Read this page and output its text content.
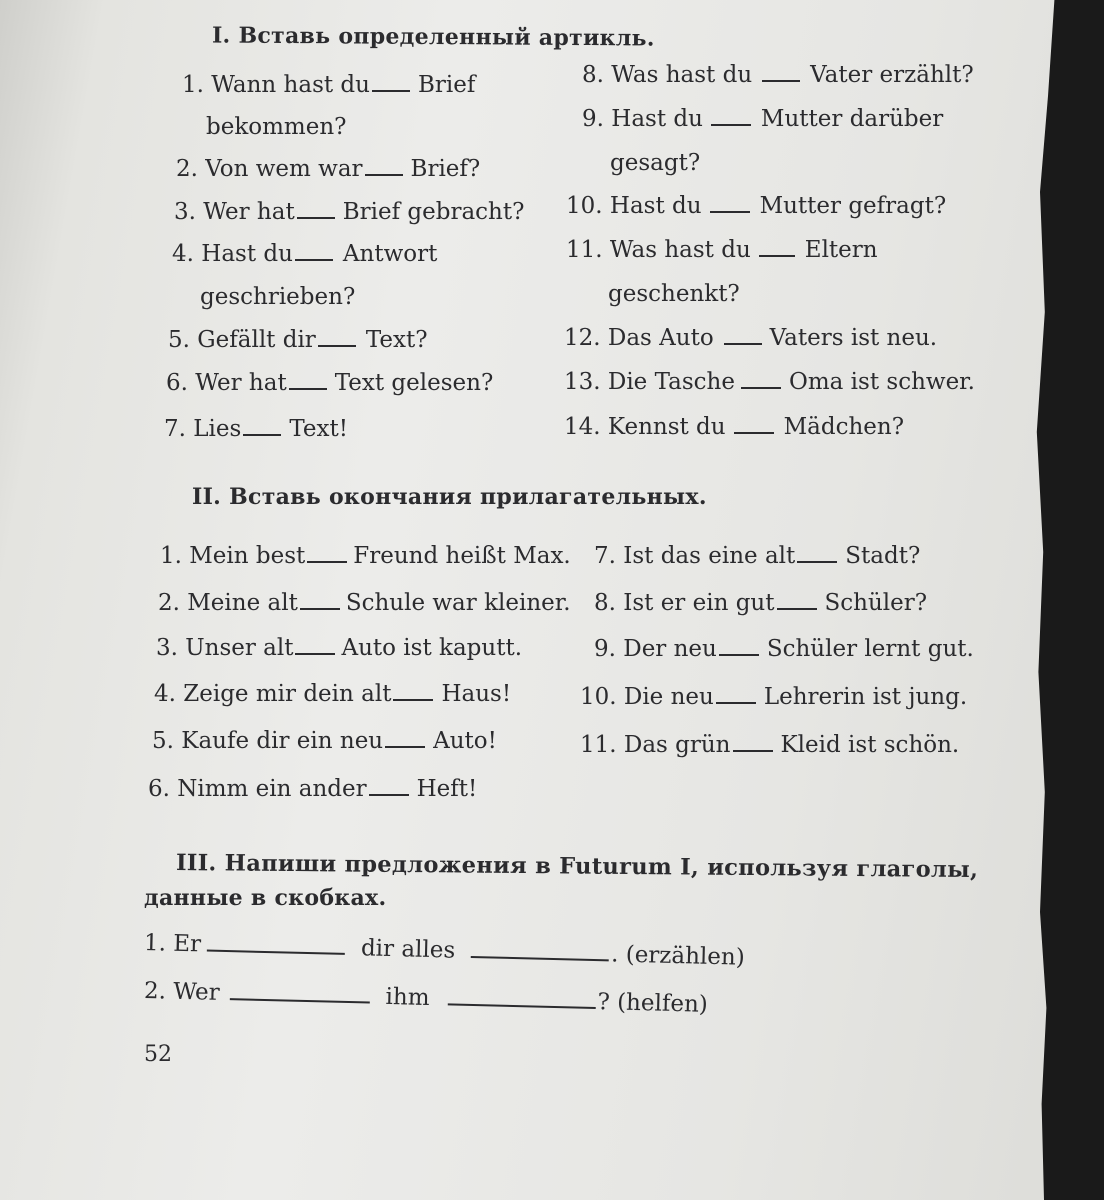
I. Вставь определенный артикль.
1. Wann hast du Brief
bekommen?
2. Von wem war Brief?
3. Wer hat Brief gebracht?
4. Hast du Antwort
geschrieben?
5. Gefällt dir Text?
6. Wer hat Text gelesen?
7. Lies Text!
8. Was hast du	Vater erzählt?
9. Hast du	Mutter darüber
gesagt?
10. Hast du	Mutter gefragt?
11. Was hast du Eltern
geschenkt?
12. Das Auto Vaters ist neu.
13. Die Tasche Oma ist schwer.
14. Kennst du	Mädchen?
II. Вставь окончания прилагательных.
1. Mein best Freund heißt Max.
2. Meine alt Schule war kleiner.
3. Unser alt Auto ist kaputt.
4. Zeige mir dein alt Haus!
5. Kaufe dir ein neu Auto!
6. Nimm ein ander Heft!
7. Ist das eine alt Stadt?
8. Ist er ein gut Schüler?
9. Der neu Schüler lernt gut.
10. Die neu Lehrerin ist jung.
11. Das grün Kleid ist schön.
III. Напиши предложения в Futurum I, используя глаголы,
данные в скобках.
1. Er	dir alles	. (erzählen)
2. Wer	ihm	? (helfen)
52
